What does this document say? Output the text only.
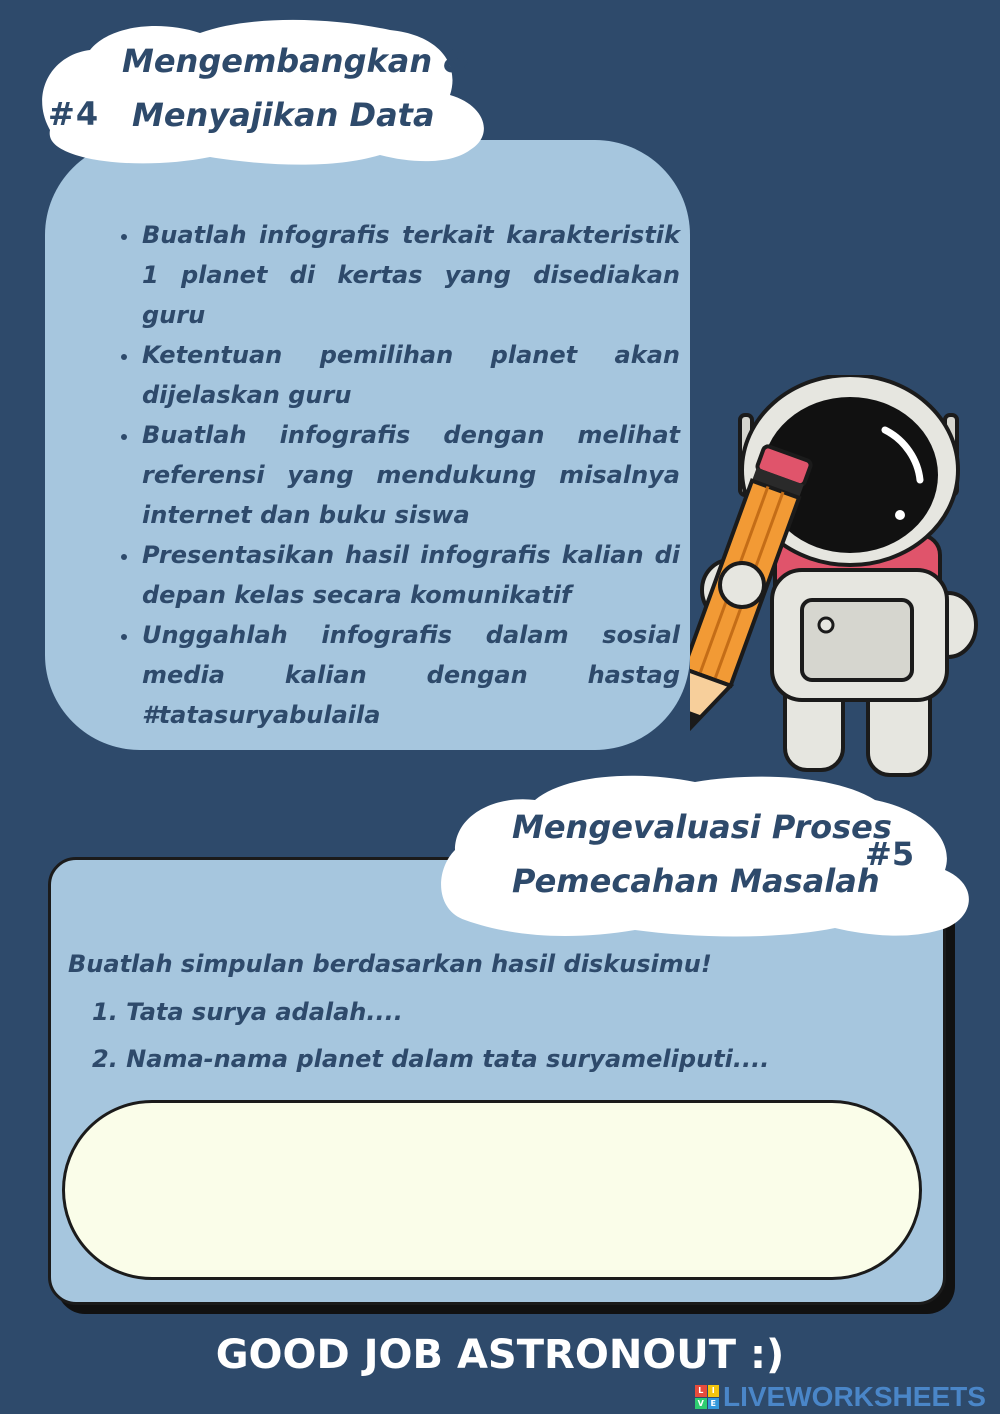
#4
Mengembangkan &
Menyajikan Data
• Buatlah infografis terkait karakteristik 1 planet di kertas yang disediakan guru
• Ketentuan pemilihan planet akan dijelaskan guru
• Buatlah infografis dengan melihat referensi yang mendukung misalnya internet dan buku siswa
• Presentasikan hasil infografis kalian di depan kelas secara komunikatif
• Unggahlah infografis dalam sosial media kalian dengan hastag #tatasuryabulaila
Mengevaluasi Proses
Pemecahan Masalah
#5
Buatlah simpulan berdasarkan hasil diskusimu!
1. Tata surya adalah....
2. Nama-nama planet dalam tata suryameliputi....
GOOD JOB ASTRONOUT :)
L	I
V E LIVEWORKSHEETS
